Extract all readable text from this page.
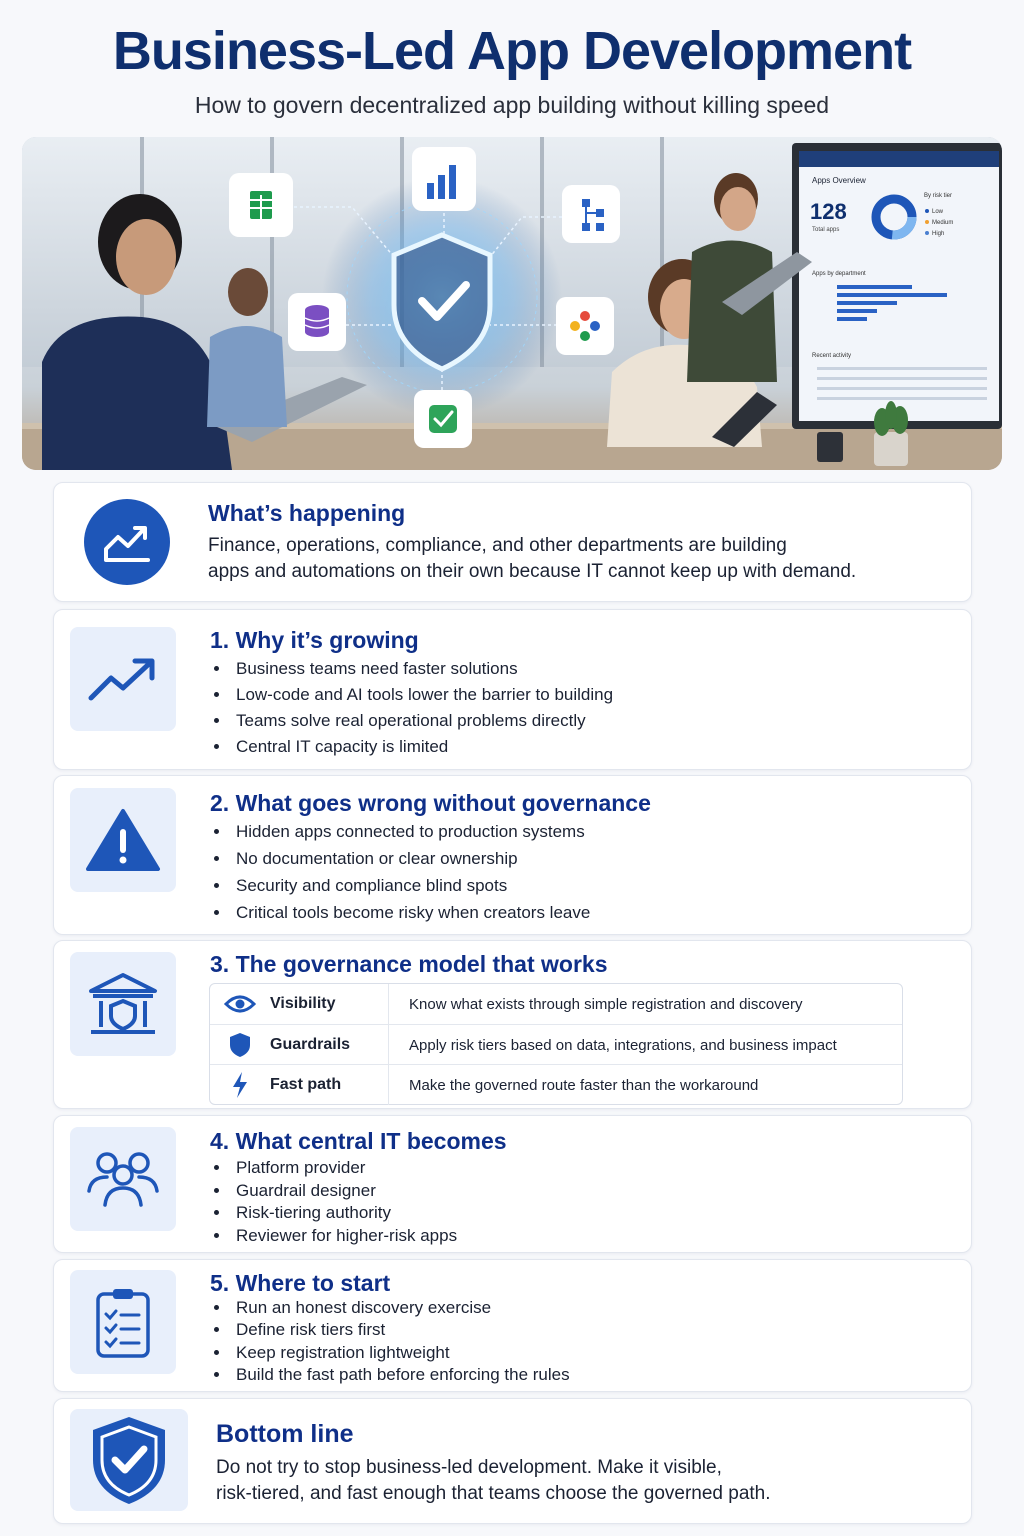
Business-Led App Development

How to govern decentralized app building without killing speed

Apps Overview
128
Total apps
By risk tier
Low
Medium
High
Apps by department
Recent activity
What’s happening

Finance, operations, compliance, and other departments are building

apps and automations on their own because IT cannot keep up with demand.

1. Why it’s growing
Business teams need faster solutions
Low-code and AI tools lower the barrier to building
Teams solve real operational problems directly
Central IT capacity is limited
2. What goes wrong without governance
Hidden apps connected to production systems
No documentation or clear ownership
Security and compliance blind spots
Critical tools become risky when creators leave
3. The governance model that works
Visibility	Know what exists through simple registration and discovery
Guardrails	Apply risk tiers based on data, integrations, and business impact
Fast path	Make the governed route faster than the workaround
4. What central IT becomes
Platform provider
Guardrail designer
Risk-tiering authority
Reviewer for higher-risk apps
5. Where to start
Run an honest discovery exercise
Define risk tiers first
Keep registration lightweight
Build the fast path before enforcing the rules
Bottom line

Do not try to stop business-led development. Make it visible,

risk-tiered, and fast enough that teams choose the governed path.
